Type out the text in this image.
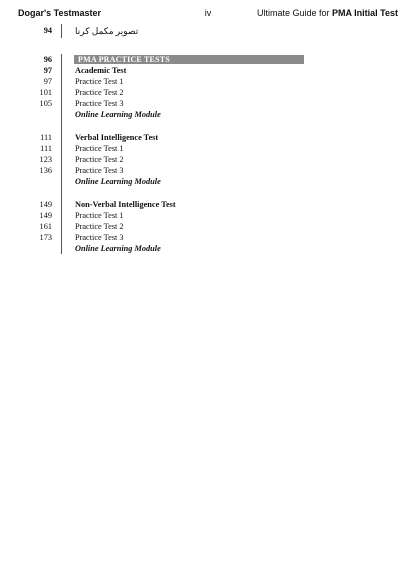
Dogar's Testmaster	iv	Ultimate Guide for PMA Initial Test
94	تصویر مکمل کرنا
96	PMA PRACTICE TESTS
97	Academic Test
97	Practice Test 1
101	Practice Test 2
105	Practice Test 3
Online Learning Module
111	Verbal Intelligence Test
111	Practice Test 1
123	Practice Test 2
136	Practice Test 3
Online Learning Module
149	Non-Verbal Intelligence Test
149	Practice Test 1
161	Practice Test 2
173	Practice Test 3
Online Learning Module
